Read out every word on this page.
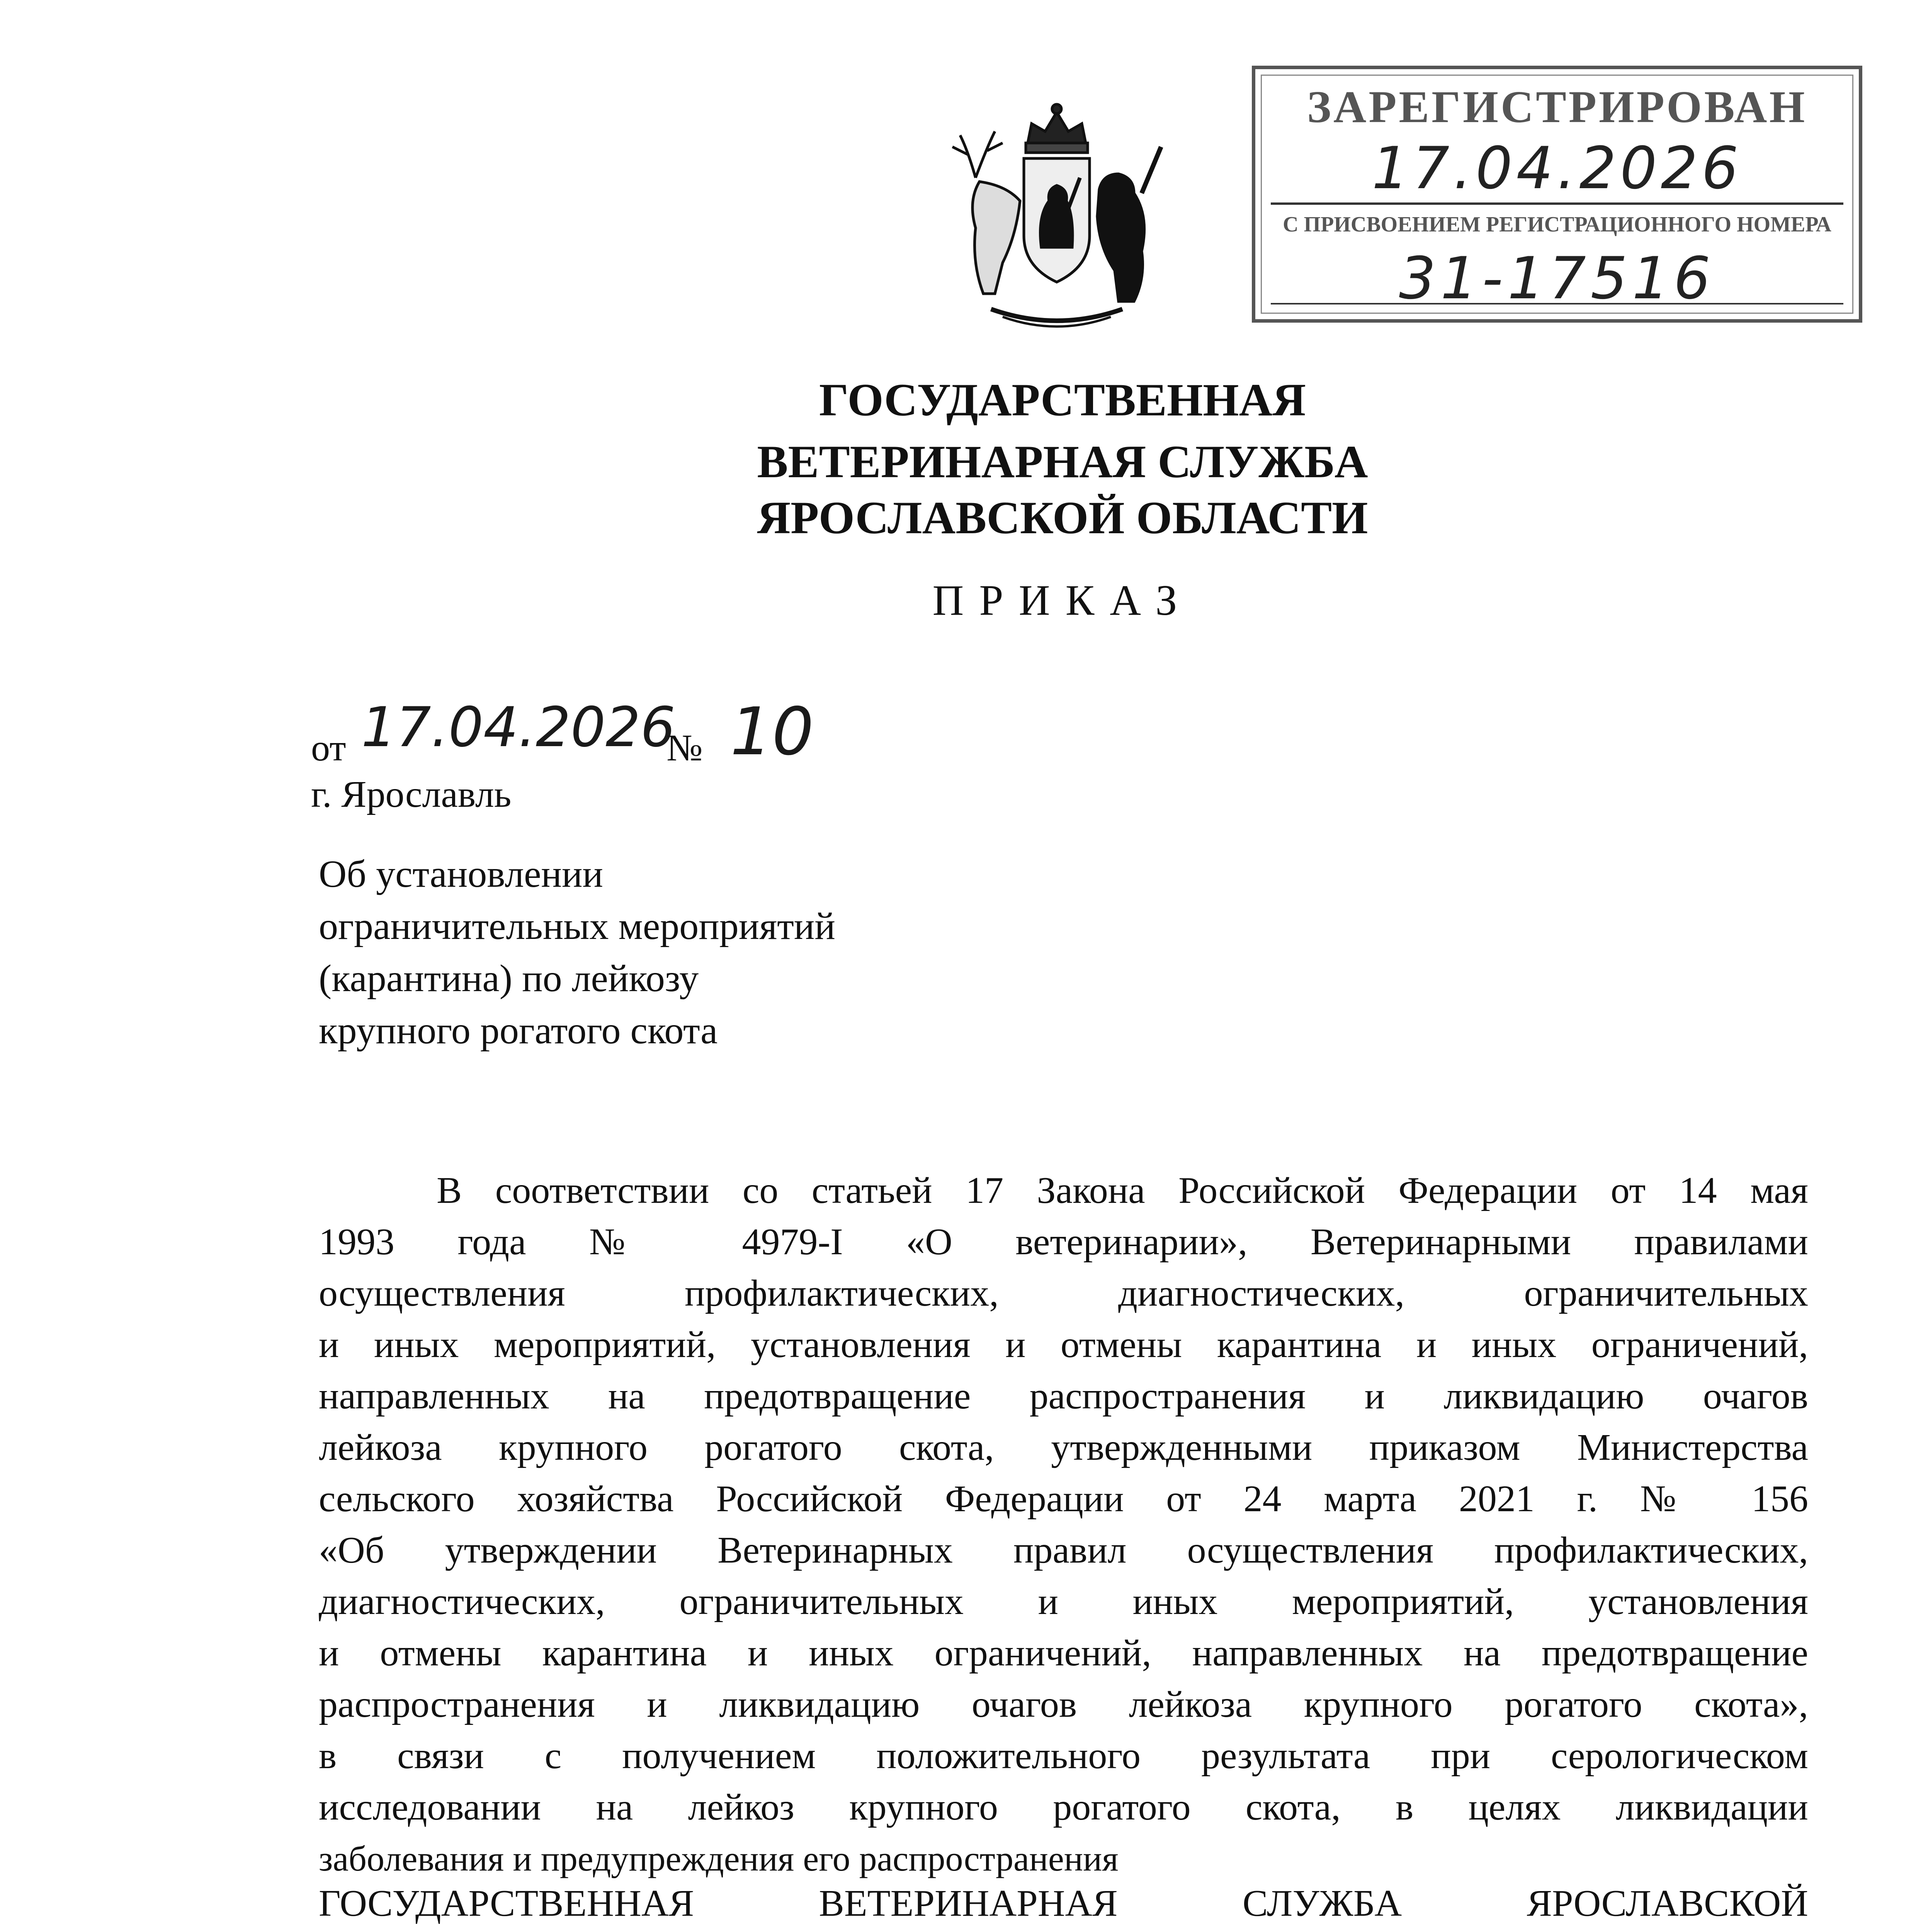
ЗАРЕГИСТРИРОВАН
17.04.2026
С ПРИСВОЕНИЕМ РЕГИСТРАЦИОННОГО НОМЕРА
31-17516
ГОСУДАРСТВЕННАЯ
ВЕТЕРИНАРНАЯ СЛУЖБА
ЯРОСЛАВСКОЙ ОБЛАСТИ
ПРИКАЗ
от 17.04.2026
№ 10
г. Ярославль
Об установлении
ограничительных мероприятий
(карантина) по лейкозу
крупного рогатого скота
В соответствии со статьей 17 Закона Российской Федерации от 14 мая
1993 года № 4979-I «О ветеринарии», Ветеринарными правилами
осуществления профилактических, диагностических, ограничительных
и иных мероприятий, установления и отмены карантина и иных ограничений,
направленных на предотвращение распространения и ликвидацию очагов
лейкоза крупного рогатого скота, утвержденными приказом Министерства
сельского хозяйства Российской Федерации от 24 марта 2021 г. № 156
«Об утверждении Ветеринарных правил осуществления профилактических,
диагностических, ограничительных и иных мероприятий, установления
и отмены карантина и иных ограничений, направленных на предотвращение
распространения и ликвидацию очагов лейкоза крупного рогатого скота»,
в связи с получением положительного результата при серологическом
исследовании на лейкоз крупного рогатого скота, в целях ликвидации
заболевания и предупреждения его распространения
ГОСУДАРСТВЕННАЯ ВЕТЕРИНАРНАЯ СЛУЖБА ЯРОСЛАВСКОЙ
